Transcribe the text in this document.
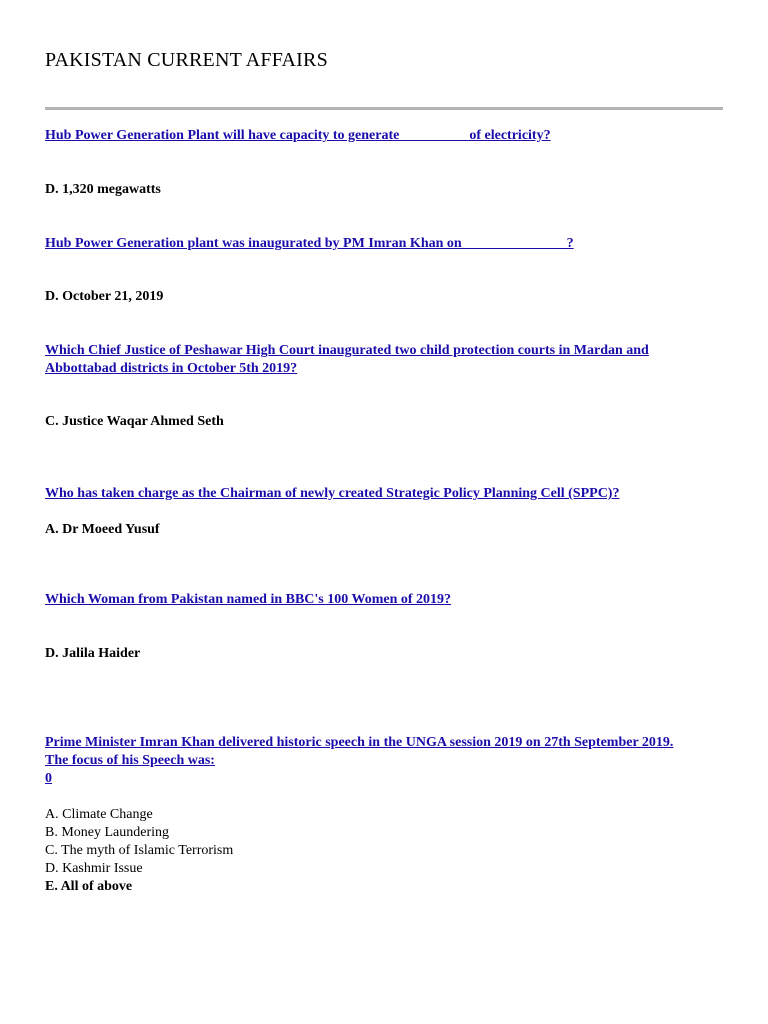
PAKISTAN CURRENT AFFAIRS
Hub Power Generation Plant will have capacity to generate _________ of electricity?
D. 1,320 megawatts
Hub Power Generation plant was inaugurated by PM Imran Khan on_______________?
D. October 21, 2019
Which Chief Justice of Peshawar High Court inaugurated two child protection courts in Mardan and
Abbottabad districts in October 5th 2019?
C. Justice Waqar Ahmed Seth
Who has taken charge as the Chairman of newly created Strategic Policy Planning Cell (SPPC)?
A. Dr Moeed Yusuf
Which Woman from Pakistan named in BBC's 100 Women of 2019?
D. Jalila Haider
Prime Minister Imran Khan delivered historic speech in the UNGA session 2019 on 27th September 2019.
The focus of his Speech was:
0
A. Climate Change
B. Money Laundering
C. The myth of Islamic Terrorism
D. Kashmir Issue
E. All of above
